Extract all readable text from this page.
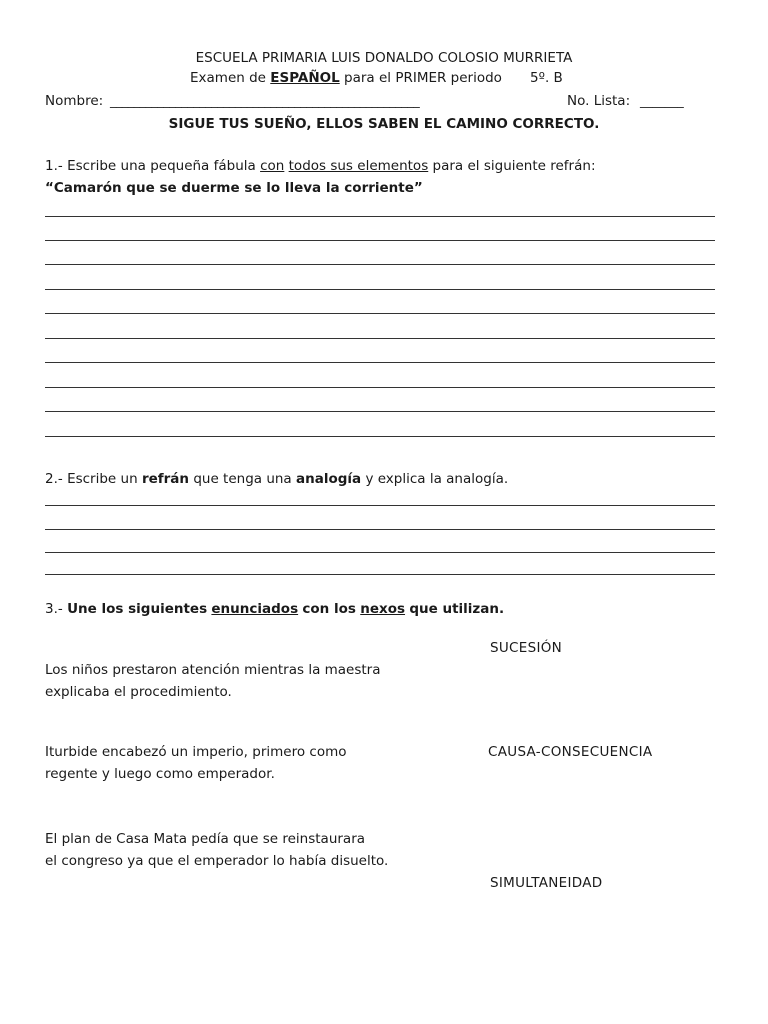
ESCUELA PRIMARIA LUIS DONALDO COLOSIO MURRIETA
Examen de ESPAÑOL para el PRIMER periodo 5º. B
Nombre: ____________________________________________________	No. Lista: _______
SIGUE TUS SUEÑO, ELLOS SABEN EL CAMINO CORRECTO.
1.- Escribe una pequeña fábula con todos sus elementos para el siguiente refrán:
“Camarón que se duerme se lo lleva la corriente”
2.- Escribe un refrán que tenga una analogía y explica la analogía.
3.- Une los siguientes enunciados con los nexos que utilizan.
SUCESIÓN
Los niños prestaron atención mientras la maestra
explicaba el procedimiento.
Iturbide encabezó un imperio, primero como	CAUSA-CONSECUENCIA
regente y luego como emperador.
El plan de Casa Mata pedía que se reinstaurara
el congreso ya que el emperador lo había disuelto.
SIMULTANEIDAD
